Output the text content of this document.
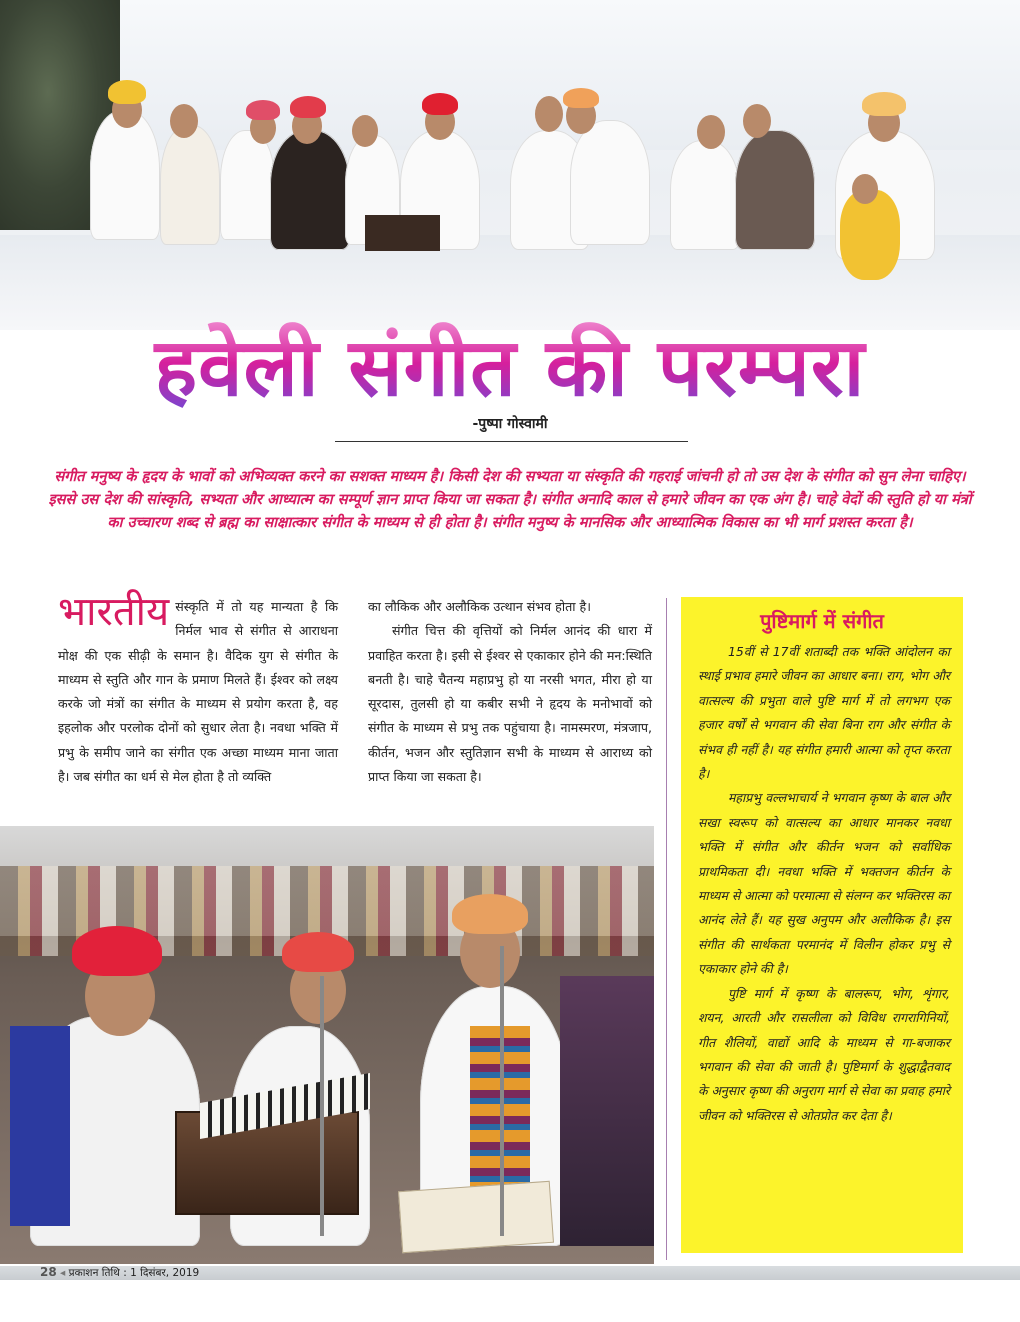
हवेली संगीत की परम्परा
-पुष्पा गोस्वामी
संगीत मनुष्य के हृदय के भावों को अभिव्यक्त करने का सशक्त माध्यम है। किसी देश की सभ्यता या संस्कृति की गहराई जांचनी हो तो उस देश के संगीत को सुन लेना चाहिए। इससे उस देश की सांस्कृति, सभ्यता और आध्यात्म का सम्पूर्ण ज्ञान प्राप्त किया जा सकता है। संगीत अनादि काल से हमारे जीवन का एक अंग है। चाहे वेदों की स्तुति हो या मंत्रों का उच्चारण शब्द से ब्रह्म का साक्षात्कार संगीत के माध्यम से ही होता है। संगीत मनुष्य के मानसिक और आध्यात्मिक विकास का भी मार्ग प्रशस्त करता है।
भारतीय संस्कृति में तो यह मान्यता है कि निर्मल भाव से संगीत से आराधना मोक्ष की एक सीढ़ी के समान है। वैदिक युग से संगीत के माध्यम से स्तुति और गान के प्रमाण मिलते हैं। ईश्वर को लक्ष्य करके जो मंत्रों का संगीत के माध्यम से प्रयोग करता है, वह इहलोक और परलोक दोनों को सुधार लेता है। नवधा भक्ति में प्रभु के समीप जाने का संगीत एक अच्छा माध्यम माना जाता है। जब संगीत का धर्म से मेल होता है तो व्यक्ति

का लौकिक और अलौकिक उत्थान संभव होता है।

संगीत चित्त की वृत्तियों को निर्मल आनंद की धारा में प्रवाहित करता है। इसी से ईश्वर से एकाकार होने की मन:स्थिति बनती है। चाहे चैतन्य महाप्रभु हो या नरसी भगत, मीरा हो या सूरदास, तुलसी हो या कबीर सभी ने हृदय के मनोभावों को संगीत के माध्यम से प्रभु तक पहुंचाया है। नामस्मरण, मंत्रजाप, कीर्तन, भजन और स्तुतिज्ञान सभी के माध्यम से आराध्य को प्राप्त किया जा सकता है।

पुष्टिमार्ग में संगीत

15वीं से 17वीं शताब्दी तक भक्ति आंदोलन का स्थाई प्रभाव हमारे जीवन का आधार बना। राग, भोग और वात्सल्य की प्रभुता वाले पुष्टि मार्ग में तो लगभग एक हजार वर्षों से भगवान की सेवा बिना राग और संगीत के संभव ही नहीं है। यह संगीत हमारी आत्मा को तृप्त करता है।

महाप्रभु वल्लभाचार्य ने भगवान कृष्ण के बाल और सखा स्वरूप को वात्सल्य का आधार मानकर नवधा भक्ति में संगीत और कीर्तन भजन को सर्वाधिक प्राथमिकता दी। नवधा भक्ति में भक्तजन कीर्तन के माध्यम से आत्मा को परमात्मा से संलग्न कर भक्तिरस का आनंद लेते हैं। यह सुख अनुपम और अलौकिक है। इस संगीत की सार्थकता परमानंद में विलीन होकर प्रभु से एकाकार होने की है।

पुष्टि मार्ग में कृष्ण के बालरूप, भोग, शृंगार, शयन, आरती और रासलीला को विविध रागरागिनियों, गीत शैलियों, वाद्यों आदि के माध्यम से गा-बजाकर भगवान की सेवा की जाती है। पुष्टिमार्ग के शुद्धाद्वैतवाद के अनुसार कृष्ण की अनुराग मार्ग से सेवा का प्रवाह हमारे जीवन को भक्तिरस से ओतप्रोत कर देता है।

28 ◂ प्रकाशन तिथि : 1 दिसंबर, 2019
